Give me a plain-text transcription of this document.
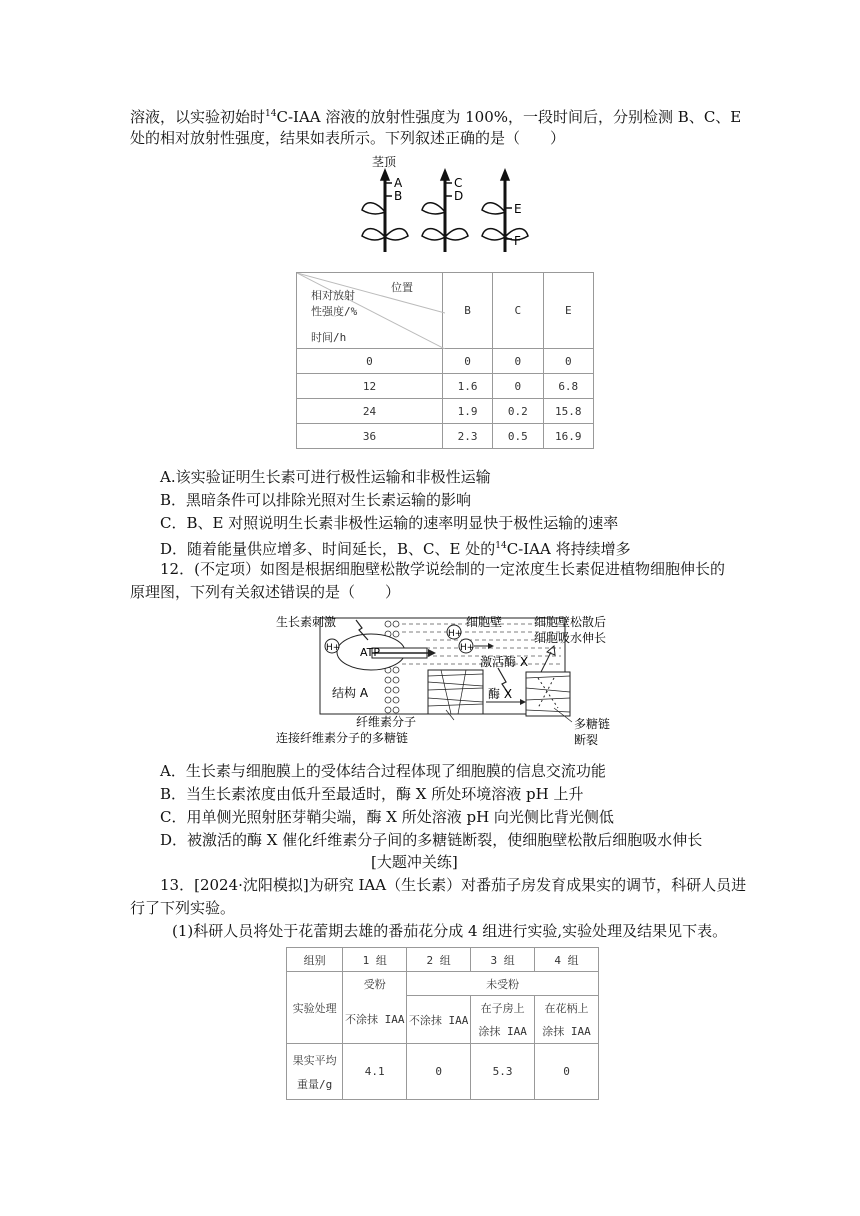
溶液，以实验初始时$^{14}$C-IAA 溶液的放射性强度为 100%，一段时间后，分别检测 B、C、E
处的相对放射性强度，结果如表所示。下列叙述正确的是（　　）
茎顶
A
B
C
D
E
F
位置
相对放射
性强度/%
时间/h	B	C	E
0	0	0	0
12	1.6	0	6.8
24	1.9	0.2	15.8
36	2.3	0.5	16.9
A.该实验证明生长素可进行极性运输和非极性运输
B．黑暗条件可以排除光照对生长素运输的影响
C．B、E 对照说明生长素非极性运输的速率明显快于极性运输的速率
D．随着能量供应增多、时间延长，B、C、E 处的$^{14}$C-IAA 将持续增多
12．(不定项）如图是根据细胞壁松散学说绘制的一定浓度生长素促进植物细胞伸长的
原理图，下列有关叙述错误的是（　　）
生长素刺激
H+ ATP
结构 A
H+
细胞壁
H+
激活酶 X
细胞壁松散后
细胞吸水伸长
酶 X
纤维素分子
连接纤维素分子的多糖链
多糖链
断裂
A．生长素与细胞膜上的受体结合过程体现了细胞膜的信息交流功能
B．当生长素浓度由低升至最适时，酶 X 所处环境溶液 pH 上升
C．用单侧光照射胚芽鞘尖端，酶 X 所处溶液 pH 向光侧比背光侧低
D．被激活的酶 X 催化纤维素分子间的多糖链断裂，使细胞壁松散后细胞吸水伸长
[大题冲关练]
13．[2024·沈阳模拟]为研究 IAA（生长素）对番茄子房发育成果实的调节，科研人员进
行了下列实验。
(1)科研人员将处于花蕾期去雄的番茄花分成 4 组进行实验,实验处理及结果见下表。
组别	1 组	2 组	3 组	4 组
实验处理	受粉	未受粉		
	不涂抹 IAA	不涂抹 IAA	在子房上	在花柄上
			涂抹 IAA	涂抹 IAA

果实平均
重量/g	4.1	0	5.3	0
